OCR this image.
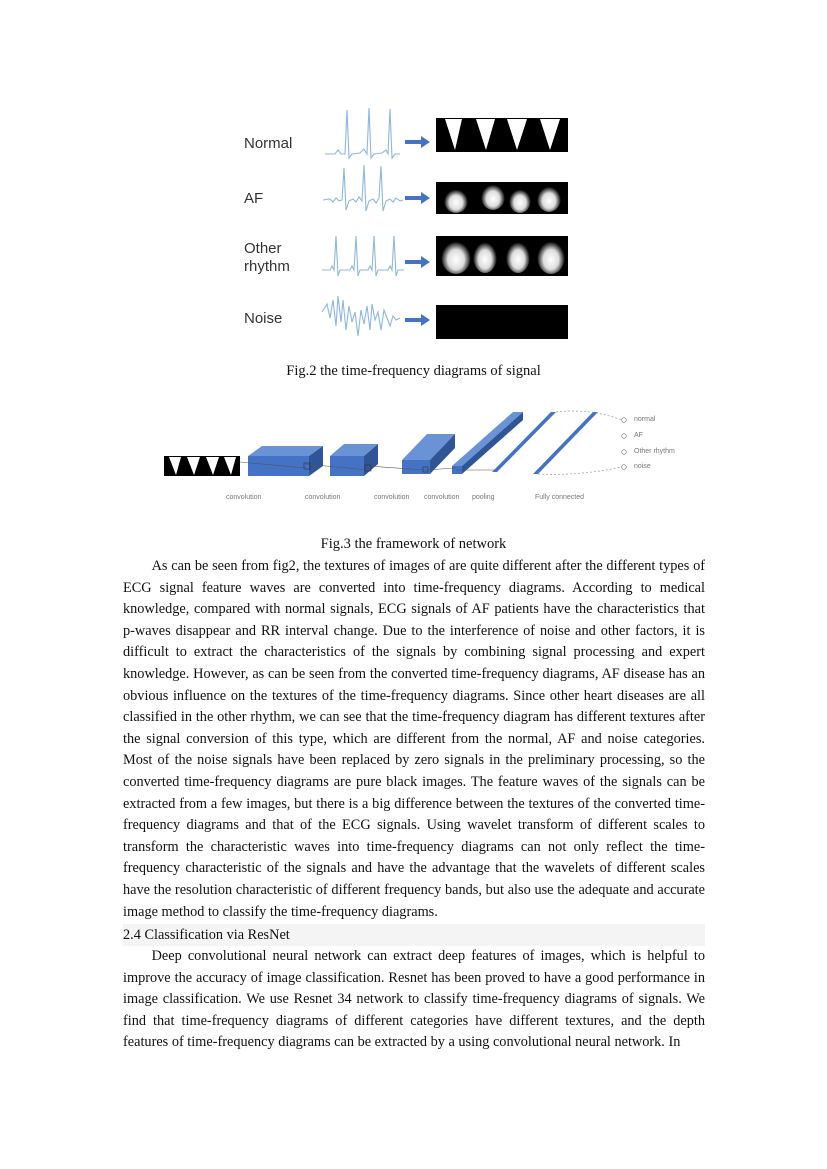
Normal
AF
Other
rhythm
Noise
Fig.2 the time-frequency diagrams of signal
normal
AF
Other rhythm
noise
convolution	convolution	convolution convolution pooling	Fully connected
Fig.3 the framework of network

As can be seen from fig2, the textures of images of are quite different after the different types of ECG signal feature waves are converted into time-frequency diagrams. According to medical knowledge, compared with normal signals, ECG signals of AF patients have the characteristics that p-waves disappear and RR interval change. Due to the interference of noise and other factors, it is difficult to extract the characteristics of the signals by combining signal processing and expert knowledge. However, as can be seen from the converted time-frequency diagrams, AF disease has an obvious influence on the textures of the time-frequency diagrams. Since other heart diseases are all classified in the other rhythm, we can see that the time-frequency diagram has different textures after the signal conversion of this type, which are different from the normal, AF and noise categories. Most of the noise signals have been replaced by zero signals in the preliminary processing, so the converted time-frequency diagrams are pure black images. The feature waves of the signals can be extracted from a few images, but there is a big difference between the textures of the converted time-frequency diagrams and that of the ECG signals. Using wavelet transform of different scales to transform the characteristic waves into time-frequency diagrams can not only reflect the time-frequency characteristic of the signals and have the advantage that the wavelets of different scales have the resolution characteristic of different frequency bands, but also use the adequate and accurate image method to classify the time-frequency diagrams.

2.4 Classification via ResNet

Deep convolutional neural network can extract deep features of images, which is helpful to improve the accuracy of image classification. Resnet has been proved to have a good performance in image classification. We use Resnet 34 network to classify time-frequency diagrams of signals. We find that time-frequency diagrams of different categories have different textures, and the depth features of time-frequency diagrams can be extracted by a using convolutional neural network. In
